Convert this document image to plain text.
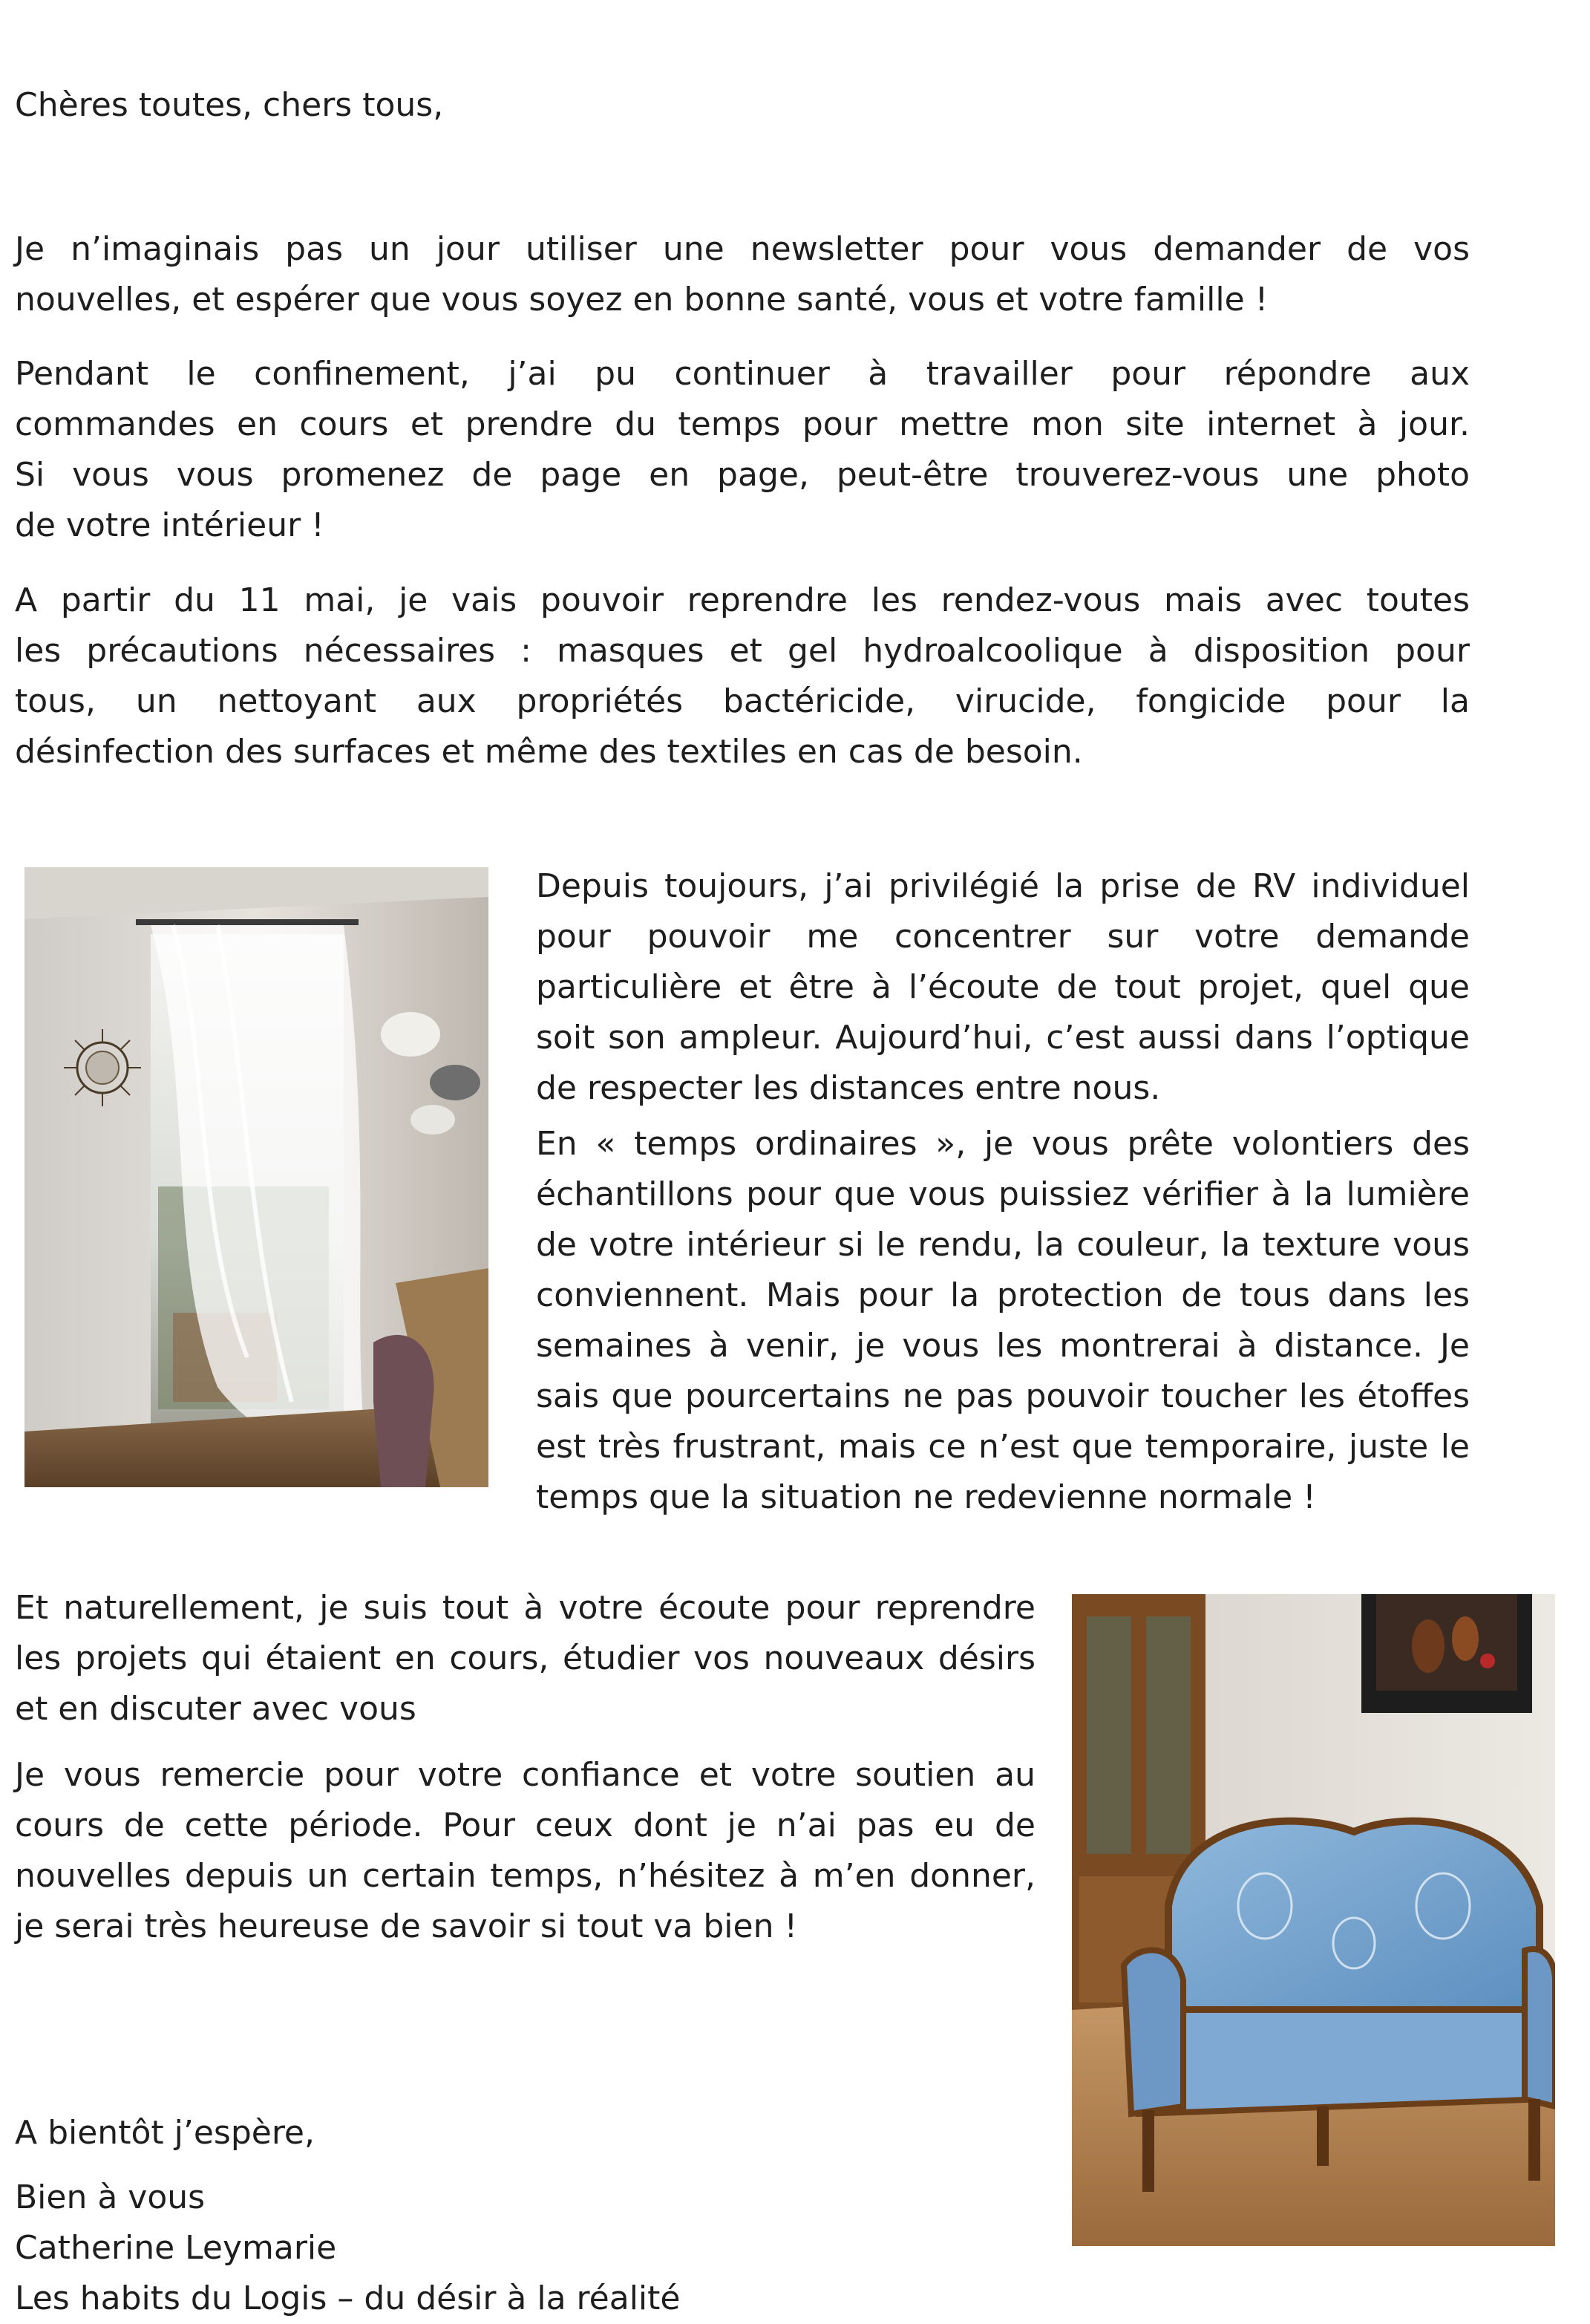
Chères toutes, chers tous,

Je n’imaginais pas un jour utiliser une newsletter pour vous demander de vos
nouvelles, et espérer que vous soyez en bonne santé, vous et votre famille !

Pendant le confinement, j’ai pu continuer à travailler pour répondre aux
commandes en cours et prendre du temps pour mettre mon site internet à jour.
Si vous vous promenez de page en page, peut-être trouverez-vous une photo
de votre intérieur !

A partir du 11 mai, je vais pouvoir reprendre les rendez-vous mais avec toutes
les précautions nécessaires : masques et gel hydroalcoolique à disposition pour
tous, un nettoyant aux propriétés bactéricide, virucide, fongicide pour la
désinfection des surfaces et même des textiles en cas de besoin.

Depuis toujours, j’ai privilégié la prise de RV individuel
pour pouvoir me concentrer sur votre demande
particulière et être à l’écoute de tout projet, quel que
soit son ampleur. Aujourd’hui, c’est aussi dans l’optique
de respecter les distances entre nous.

En « temps ordinaires », je vous prête volontiers des
échantillons pour que vous puissiez vérifier à la lumière
de votre intérieur si le rendu, la couleur, la texture vous
conviennent. Mais pour la protection de tous dans les
semaines à venir, je vous les montrerai à distance. Je
sais que pourcertains ne pas pouvoir toucher les étoffes
est très frustrant, mais ce n’est que temporaire, juste le
temps que la situation ne redevienne normale !

Et naturellement, je suis tout à votre écoute pour reprendre
les projets qui étaient en cours, étudier vos nouveaux désirs
et en discuter avec vous

Je vous remercie pour votre confiance et votre soutien au
cours de cette période. Pour ceux dont je n’ai pas eu de
nouvelles depuis un certain temps, n’hésitez à m’en donner,
je serai très heureuse de savoir si tout va bien !

A bientôt j’espère,

Bien à vous
Catherine Leymarie
Les habits du Logis – du désir à la réalité
